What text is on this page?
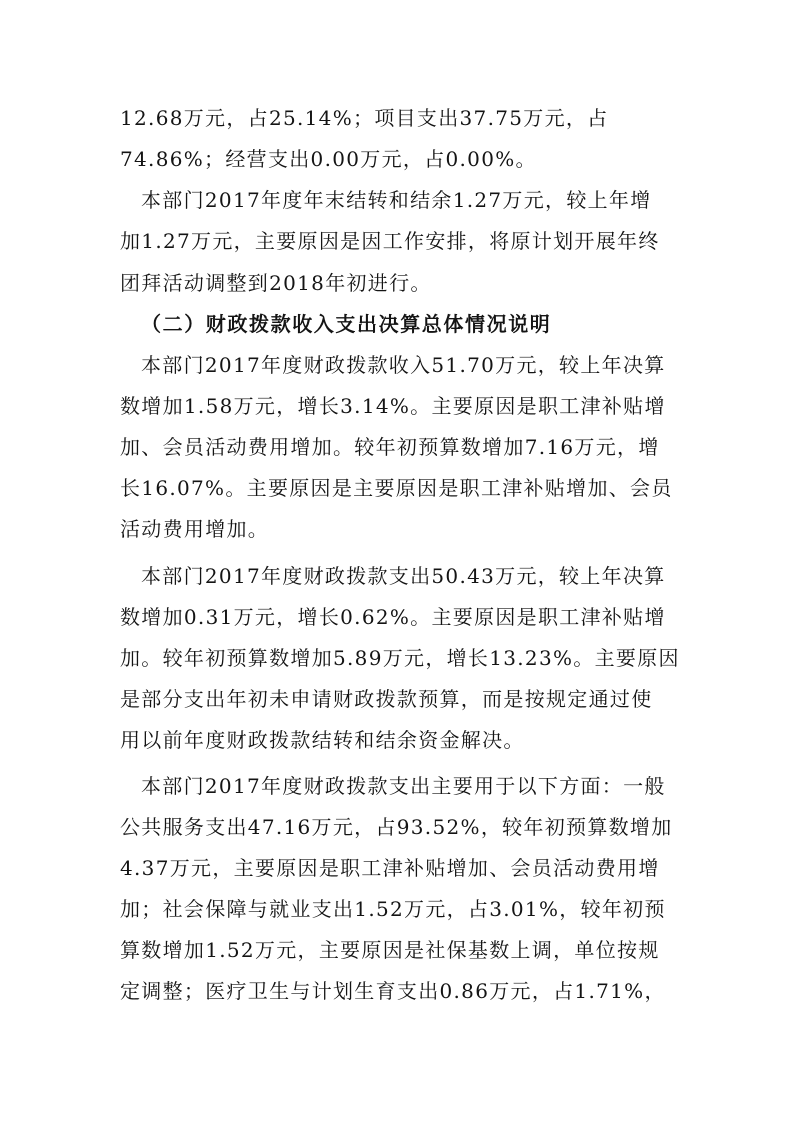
12.68万元，占25.14%；项目支出37.75万元，占
74.86%；经营支出0.00万元，占0.00%。
本部门2017年度年末结转和结余1.27万元，较上年增
加1.27万元，主要原因是因工作安排，将原计划开展年终
团拜活动调整到2018年初进行。
（二）财政拨款收入支出决算总体情况说明
本部门2017年度财政拨款收入51.70万元，较上年决算
数增加1.58万元，增长3.14%。主要原因是职工津补贴增
加、会员活动费用增加。较年初预算数增加7.16万元，增
长16.07%。主要原因是主要原因是职工津补贴增加、会员
活动费用增加。
本部门2017年度财政拨款支出50.43万元，较上年决算
数增加0.31万元，增长0.62%。主要原因是职工津补贴增
加。较年初预算数增加5.89万元，增长13.23%。主要原因
是部分支出年初未申请财政拨款预算，而是按规定通过使
用以前年度财政拨款结转和结余资金解决。
本部门2017年度财政拨款支出主要用于以下方面：一般
公共服务支出47.16万元，占93.52%，较年初预算数增加
4.37万元，主要原因是职工津补贴增加、会员活动费用增
加；社会保障与就业支出1.52万元，占3.01%，较年初预
算数增加1.52万元，主要原因是社保基数上调，单位按规
定调整；医疗卫生与计划生育支出0.86万元，占1.71%，
